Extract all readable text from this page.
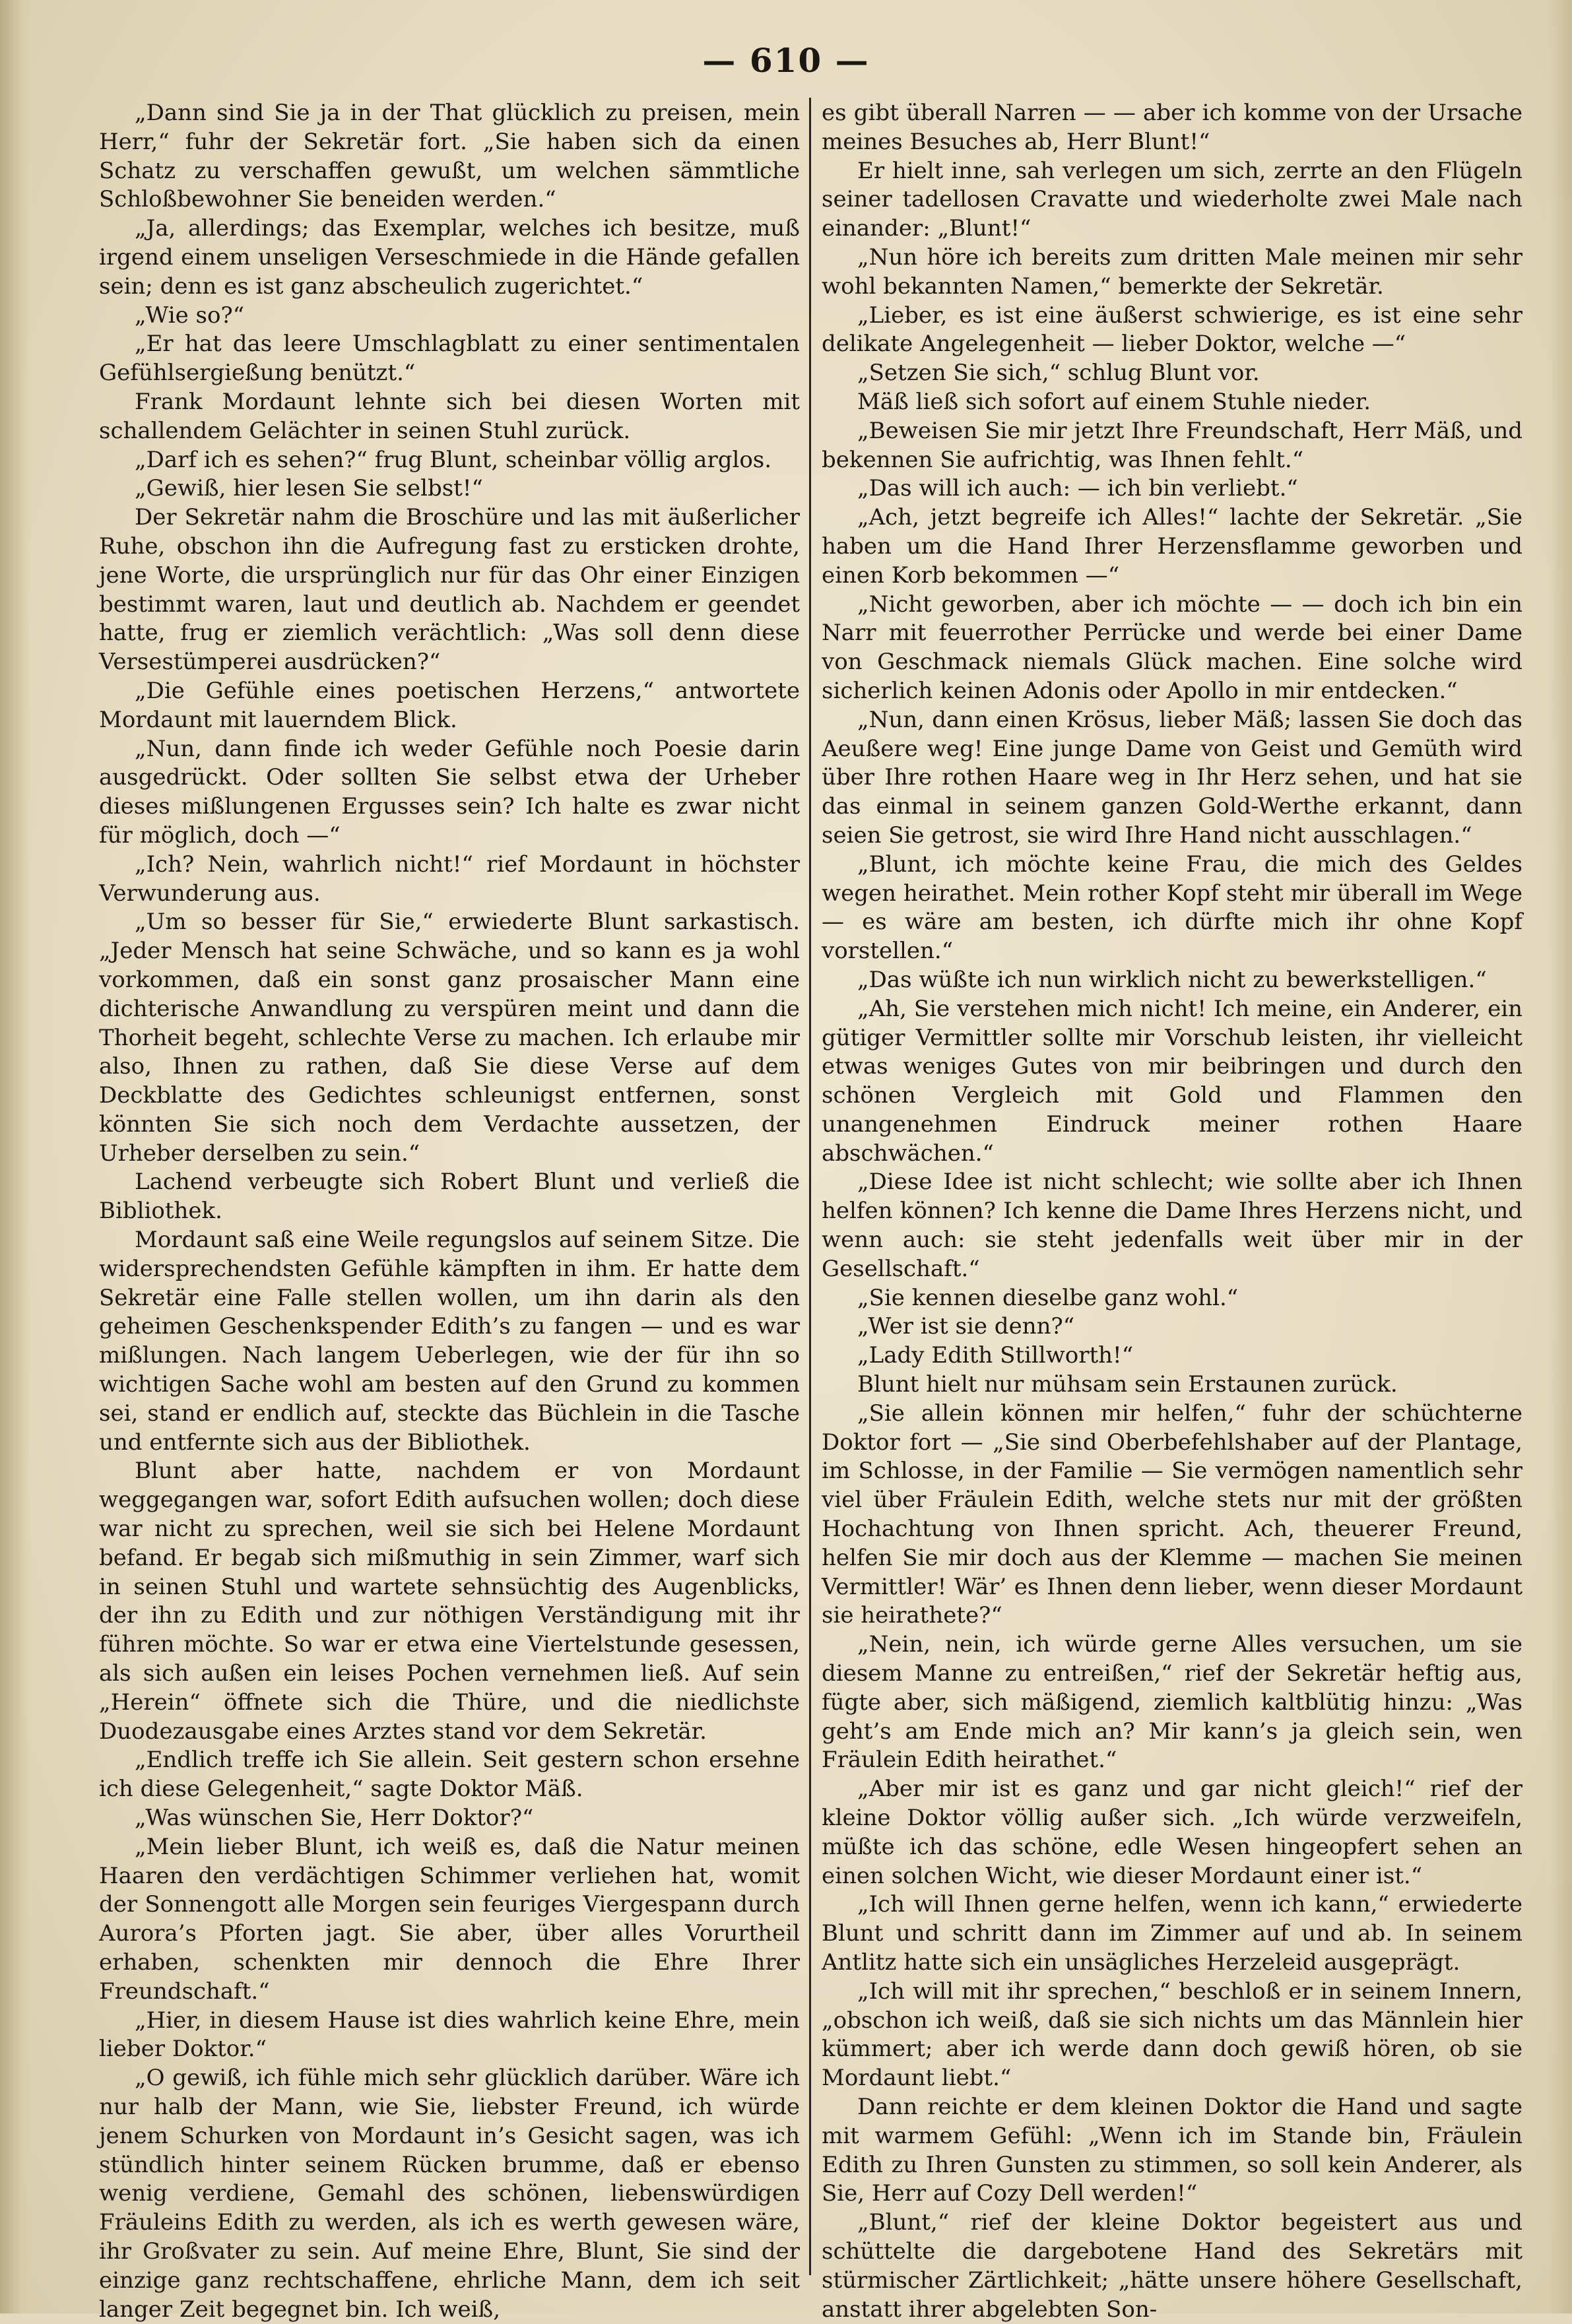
— 610 —

„Dann sind Sie ja in der That glücklich zu preisen, mein Herr,“ fuhr der Sekretär fort. „Sie haben sich da einen Schatz zu verschaffen gewußt, um welchen sämmtliche Schloßbewohner Sie beneiden werden.“

„Ja, allerdings; das Exemplar, welches ich besitze, muß irgend einem unseligen Verseschmiede in die Hände gefallen sein; denn es ist ganz abscheulich zugerichtet.“

„Wie so?“

„Er hat das leere Umschlagblatt zu einer sentimentalen Gefühlsergießung benützt.“

Frank Mordaunt lehnte sich bei diesen Worten mit schallendem Gelächter in seinen Stuhl zurück.

„Darf ich es sehen?“ frug Blunt, scheinbar völlig arglos.

„Gewiß, hier lesen Sie selbst!“

Der Sekretär nahm die Broschüre und las mit äußerlicher Ruhe, obschon ihn die Aufregung fast zu ersticken drohte, jene Worte, die ursprünglich nur für das Ohr einer Einzigen bestimmt waren, laut und deutlich ab. Nachdem er geendet hatte, frug er ziemlich verächtlich: „Was soll denn diese Versestümperei ausdrücken?“

„Die Gefühle eines poetischen Herzens,“ antwortete Mordaunt mit lauerndem Blick.

„Nun, dann finde ich weder Gefühle noch Poesie darin ausgedrückt. Oder sollten Sie selbst etwa der Urheber dieses mißlungenen Ergusses sein? Ich halte es zwar nicht für möglich, doch —“

„Ich? Nein, wahrlich nicht!“ rief Mordaunt in höchster Verwunderung aus.

„Um so besser für Sie,“ erwiederte Blunt sarkastisch. „Jeder Mensch hat seine Schwäche, und so kann es ja wohl vorkommen, daß ein sonst ganz prosaischer Mann eine dichterische Anwandlung zu verspüren meint und dann die Thorheit begeht, schlechte Verse zu machen. Ich erlaube mir also, Ihnen zu rathen, daß Sie diese Verse auf dem Deckblatte des Gedichtes schleunigst entfernen, sonst könnten Sie sich noch dem Verdachte aussetzen, der Urheber derselben zu sein.“

Lachend verbeugte sich Robert Blunt und verließ die Bibliothek.

Mordaunt saß eine Weile regungslos auf seinem Sitze. Die widersprechendsten Gefühle kämpften in ihm. Er hatte dem Sekretär eine Falle stellen wollen, um ihn darin als den geheimen Geschenkspender Edith’s zu fangen — und es war mißlungen. Nach langem Ueberlegen, wie der für ihn so wichtigen Sache wohl am besten auf den Grund zu kommen sei, stand er endlich auf, steckte das Büchlein in die Tasche und entfernte sich aus der Bibliothek.

Blunt aber hatte, nachdem er von Mordaunt weggegangen war, sofort Edith aufsuchen wollen; doch diese war nicht zu sprechen, weil sie sich bei Helene Mordaunt befand. Er begab sich mißmuthig in sein Zimmer, warf sich in seinen Stuhl und wartete sehnsüchtig des Augenblicks, der ihn zu Edith und zur nöthigen Verständigung mit ihr führen möchte. So war er etwa eine Viertelstunde gesessen, als sich außen ein leises Pochen vernehmen ließ. Auf sein „Herein“ öffnete sich die Thüre, und die niedlichste Duodezausgabe eines Arztes stand vor dem Sekretär.

„Endlich treffe ich Sie allein. Seit gestern schon ersehne ich diese Gelegenheit,“ sagte Doktor Mäß.

„Was wünschen Sie, Herr Doktor?“

„Mein lieber Blunt, ich weiß es, daß die Natur meinen Haaren den verdächtigen Schimmer verliehen hat, womit der Sonnengott alle Morgen sein feuriges Viergespann durch Aurora’s Pforten jagt. Sie aber, über alles Vorurtheil erhaben, schenkten mir dennoch die Ehre Ihrer Freundschaft.“

„Hier, in diesem Hause ist dies wahrlich keine Ehre, mein lieber Doktor.“

„O gewiß, ich fühle mich sehr glücklich darüber. Wäre ich nur halb der Mann, wie Sie, liebster Freund, ich würde jenem Schurken von Mordaunt in’s Gesicht sagen, was ich stündlich hinter seinem Rücken brumme, daß er ebenso wenig verdiene, Gemahl des schönen, liebenswürdigen Fräuleins Edith zu werden, als ich es werth gewesen wäre, ihr Großvater zu sein. Auf meine Ehre, Blunt, Sie sind der einzige ganz rechtschaffene, ehrliche Mann, dem ich seit langer Zeit begegnet bin. Ich weiß,

es gibt überall Narren — — aber ich komme von der Ursache meines Besuches ab, Herr Blunt!“

Er hielt inne, sah verlegen um sich, zerrte an den Flügeln seiner tadellosen Cravatte und wiederholte zwei Male nach einander: „Blunt!“

„Nun höre ich bereits zum dritten Male meinen mir sehr wohl bekannten Namen,“ bemerkte der Sekretär.

„Lieber, es ist eine äußerst schwierige, es ist eine sehr delikate Angelegenheit — lieber Doktor, welche —“

„Setzen Sie sich,“ schlug Blunt vor.

Mäß ließ sich sofort auf einem Stuhle nieder.

„Beweisen Sie mir jetzt Ihre Freundschaft, Herr Mäß, und bekennen Sie aufrichtig, was Ihnen fehlt.“

„Das will ich auch: — ich bin verliebt.“

„Ach, jetzt begreife ich Alles!“ lachte der Sekretär. „Sie haben um die Hand Ihrer Herzensflamme geworben und einen Korb bekommen —“

„Nicht geworben, aber ich möchte — — doch ich bin ein Narr mit feuerrother Perrücke und werde bei einer Dame von Geschmack niemals Glück machen. Eine solche wird sicherlich keinen Adonis oder Apollo in mir entdecken.“

„Nun, dann einen Krösus, lieber Mäß; lassen Sie doch das Aeußere weg! Eine junge Dame von Geist und Gemüth wird über Ihre rothen Haare weg in Ihr Herz sehen, und hat sie das einmal in seinem ganzen Gold-Werthe erkannt, dann seien Sie getrost, sie wird Ihre Hand nicht ausschlagen.“

„Blunt, ich möchte keine Frau, die mich des Geldes wegen heirathet. Mein rother Kopf steht mir überall im Wege — es wäre am besten, ich dürfte mich ihr ohne Kopf vorstellen.“

„Das wüßte ich nun wirklich nicht zu bewerkstelligen.“

„Ah, Sie verstehen mich nicht! Ich meine, ein Anderer, ein gütiger Vermittler sollte mir Vorschub leisten, ihr vielleicht etwas weniges Gutes von mir beibringen und durch den schönen Vergleich mit Gold und Flammen den unangenehmen Eindruck meiner rothen Haare abschwächen.“

„Diese Idee ist nicht schlecht; wie sollte aber ich Ihnen helfen können? Ich kenne die Dame Ihres Herzens nicht, und wenn auch: sie steht jedenfalls weit über mir in der Gesellschaft.“

„Sie kennen dieselbe ganz wohl.“

„Wer ist sie denn?“

„Lady Edith Stillworth!“

Blunt hielt nur mühsam sein Erstaunen zurück.

„Sie allein können mir helfen,“ fuhr der schüchterne Doktor fort — „Sie sind Oberbefehlshaber auf der Plantage, im Schlosse, in der Familie — Sie vermögen namentlich sehr viel über Fräulein Edith, welche stets nur mit der größten Hochachtung von Ihnen spricht. Ach, theuerer Freund, helfen Sie mir doch aus der Klemme — machen Sie meinen Vermittler! Wär’ es Ihnen denn lieber, wenn dieser Mordaunt sie heirathete?“

„Nein, nein, ich würde gerne Alles versuchen, um sie diesem Manne zu entreißen,“ rief der Sekretär heftig aus, fügte aber, sich mäßigend, ziemlich kaltblütig hinzu: „Was geht’s am Ende mich an? Mir kann’s ja gleich sein, wen Fräulein Edith heirathet.“

„Aber mir ist es ganz und gar nicht gleich!“ rief der kleine Doktor völlig außer sich. „Ich würde verzweifeln, müßte ich das schöne, edle Wesen hingeopfert sehen an einen solchen Wicht, wie dieser Mordaunt einer ist.“

„Ich will Ihnen gerne helfen, wenn ich kann,“ erwiederte Blunt und schritt dann im Zimmer auf und ab. In seinem Antlitz hatte sich ein unsägliches Herzeleid ausgeprägt.

„Ich will mit ihr sprechen,“ beschloß er in seinem Innern, „obschon ich weiß, daß sie sich nichts um das Männlein hier kümmert; aber ich werde dann doch gewiß hören, ob sie Mordaunt liebt.“

Dann reichte er dem kleinen Doktor die Hand und sagte mit warmem Gefühl: „Wenn ich im Stande bin, Fräulein Edith zu Ihren Gunsten zu stimmen, so soll kein Anderer, als Sie, Herr auf Cozy Dell werden!“

„Blunt,“ rief der kleine Doktor begeistert aus und schüttelte die dargebotene Hand des Sekretärs mit stürmischer Zärtlichkeit; „hätte unsere höhere Gesellschaft, anstatt ihrer abgelebten Son-
